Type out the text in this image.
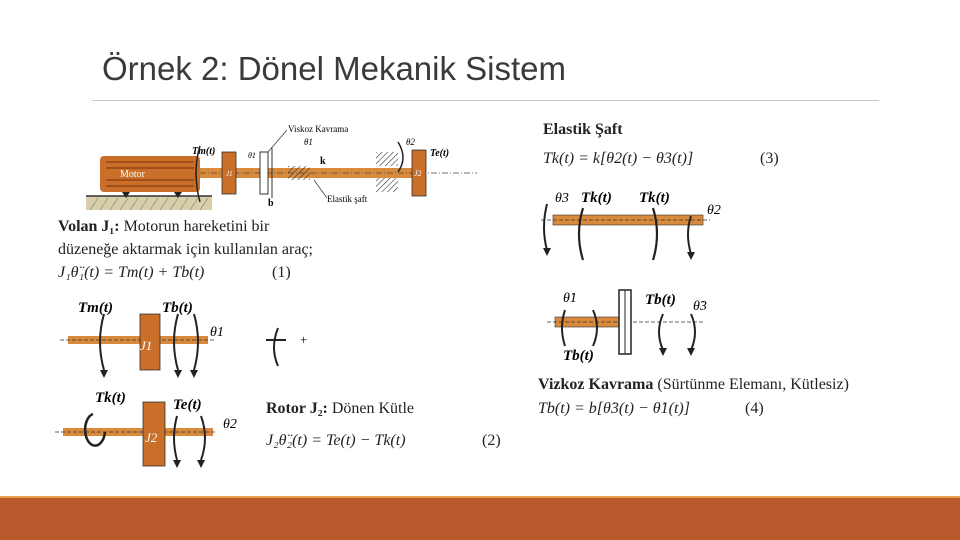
Örnek 2: Dönel Mekanik Sistem
Motor	J1	J2
Viskoz Kavrama
Tm(t)
θ1
θ1
k
θ2
Te(t)
b	Elastik şaft
Volan J₁: Motorun hareketini bir
düzeneğe aktarmak için kullanılan araç;
J₁θ̈₁(t) = Tm(t) + Tb(t)	(1)
Tm(t)	Tb(t)
θ1
J1	+
Tk(t)	Te(t)
θ2
J2
Rotor J₂: Dönen Kütle
J₂θ̈₂(t) = Te(t) − Tk(t)	(2)
Elastik Şaft
Tk(t) = k[θ2(t) − θ3(t)]	(3)
θ3 Tk(t) Tk(t)
θ2
θ̇1	Tb(t) θ̇3
Tb(t)
Vizkoz Kavrama (Sürtünme Elemanı, Kütlesiz)
Tb(t) = b[θ̇3(t) − θ̇1(t)]	(4)
